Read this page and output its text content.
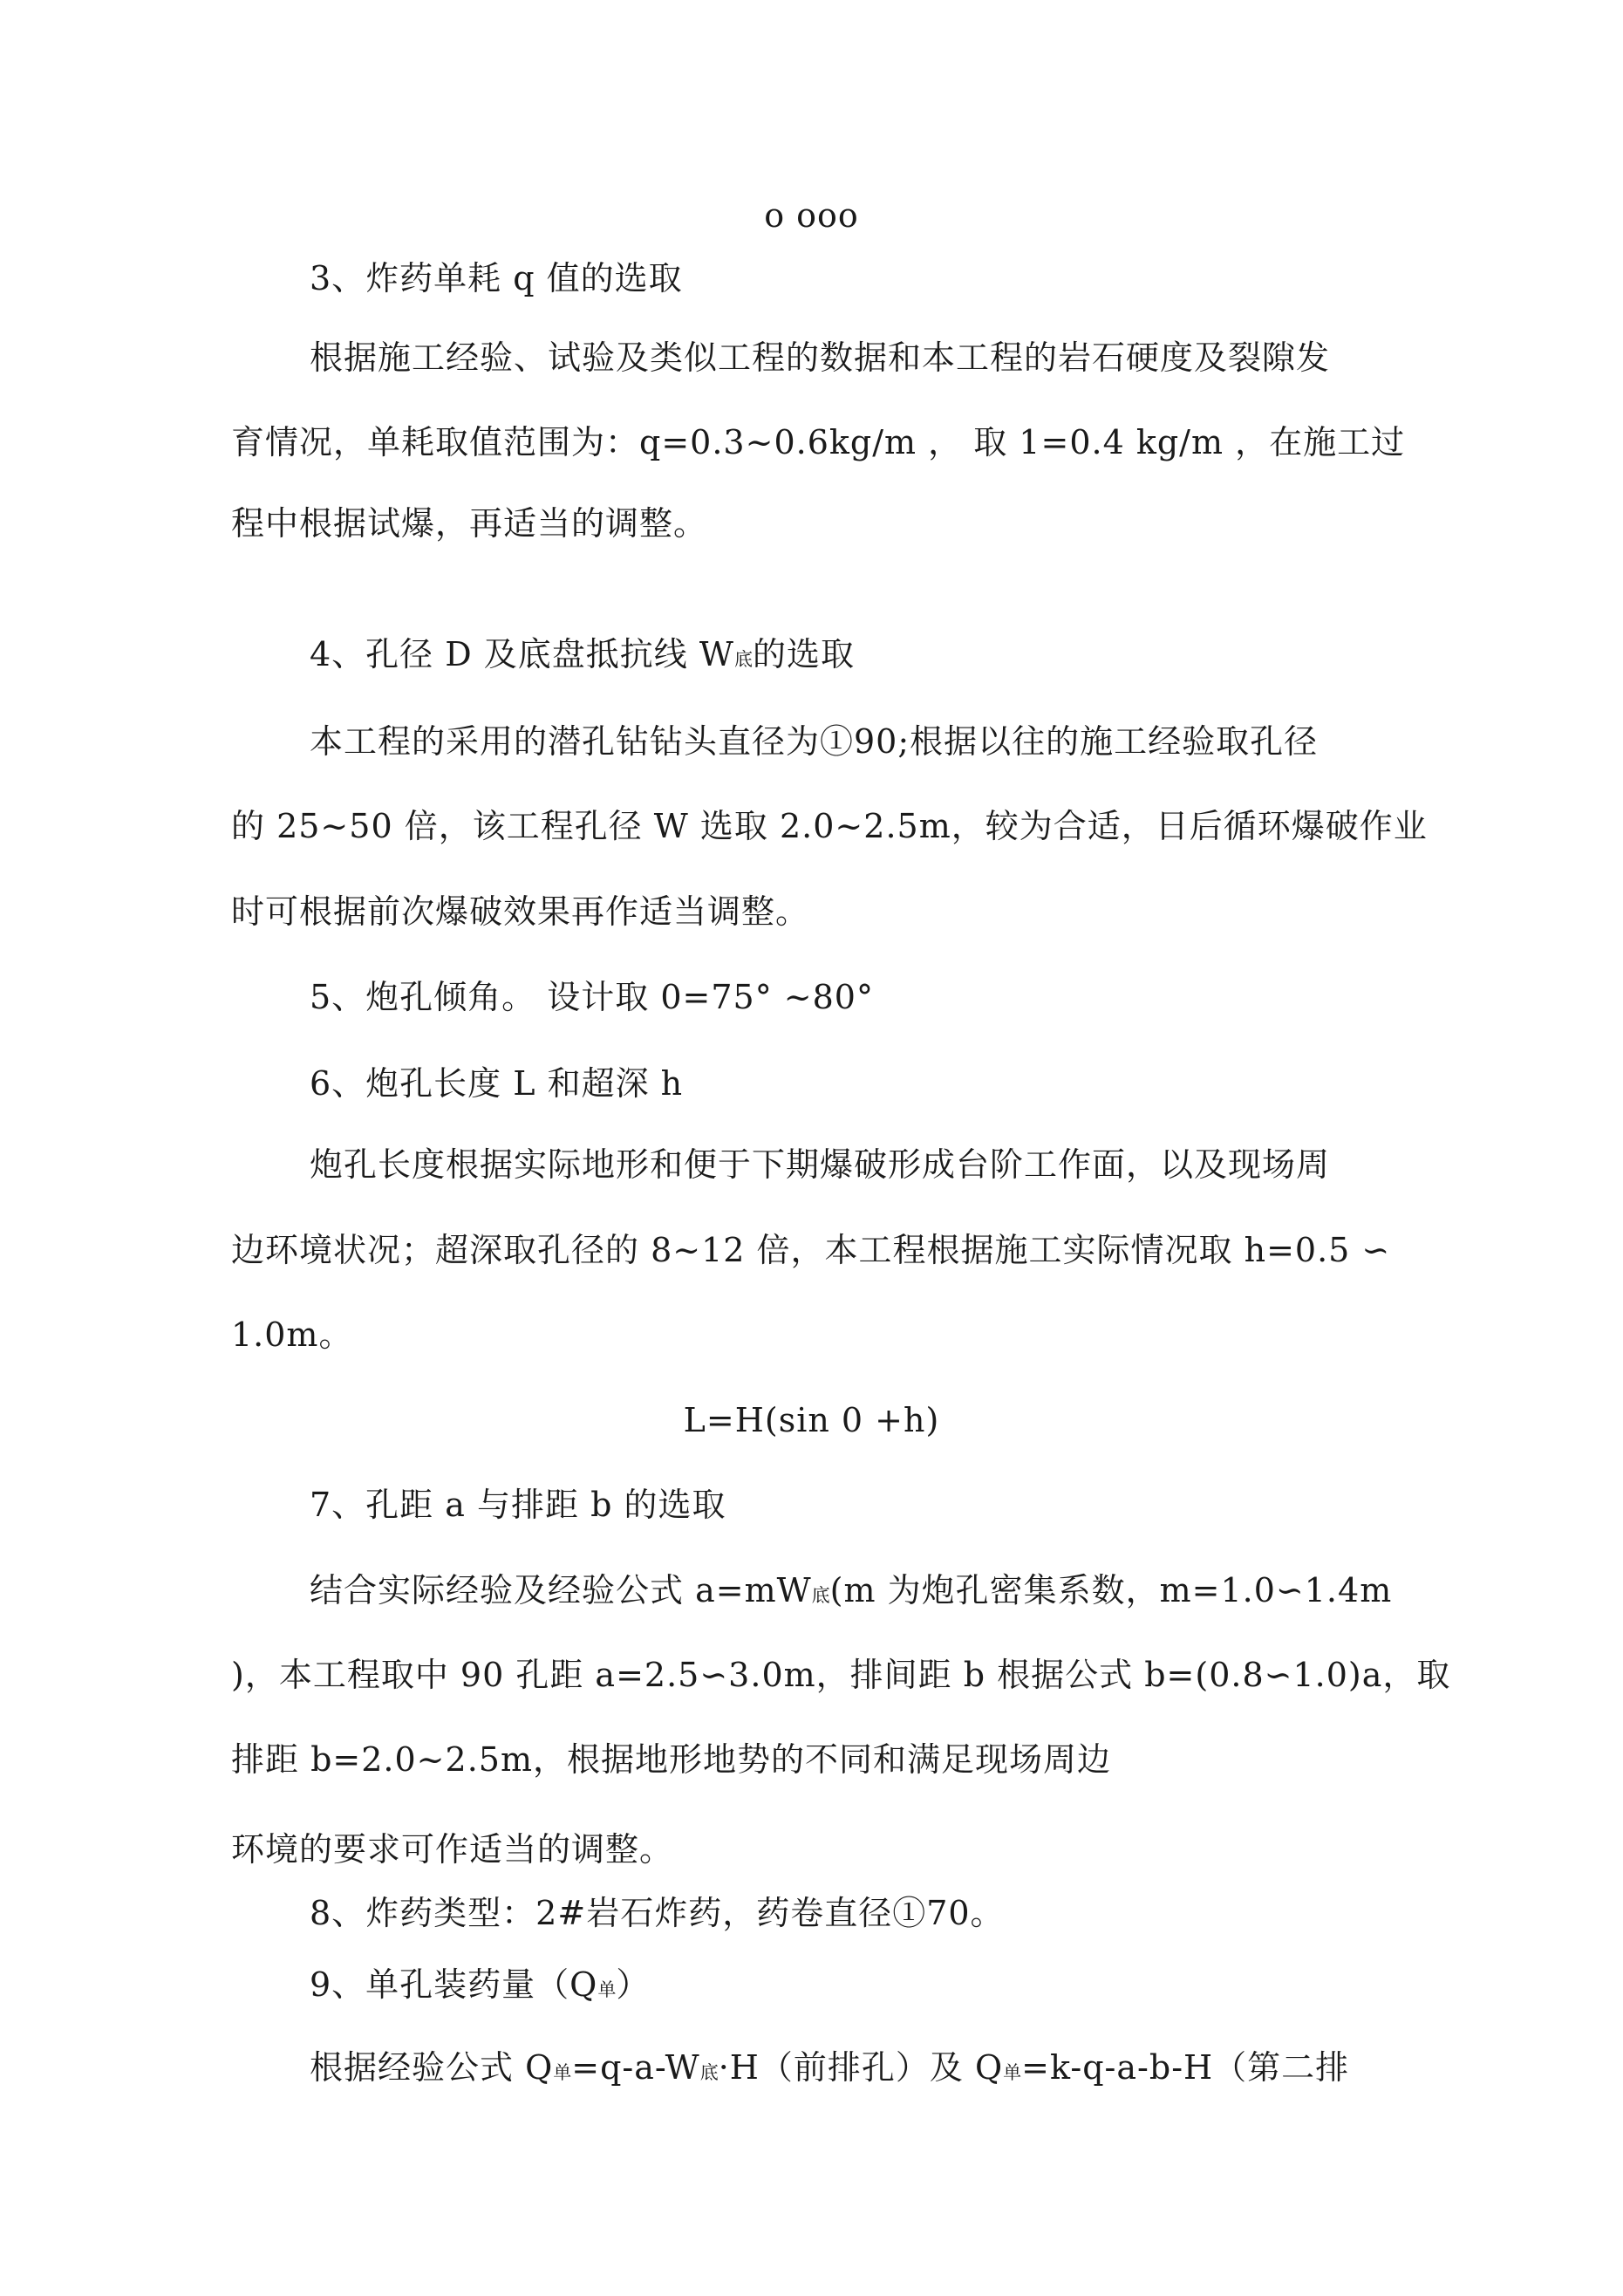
o ooo
3、炸药单耗 q 值的选取
根据施工经验、试验及类似工程的数据和本工程的岩石硬度及裂隙发
育情况，单耗取值范围为：q=0.3~0.6kg/m ， 取 1=0.4 kg/m ，在施工过
程中根据试爆，再适当的调整。
4、孔径 D 及底盘抵抗线 W底的选取
本工程的采用的潜孔钻钻头直径为①90;根据以往的施工经验取孔径
的 25~50 倍，该工程孔径 W 选取 2.0~2.5m，较为合适，日后循环爆破作业
时可根据前次爆破效果再作适当调整。
5、炮孔倾角。 设计取 0=75° ~80°
6、炮孔长度 L 和超深 h
炮孔长度根据实际地形和便于下期爆破形成台阶工作面，以及现场周
边环境状况；超深取孔径的 8~12 倍，本工程根据施工实际情况取 h=0.5 ∽
1.0m。
L=H(sin 0 +h)
7、孔距 a 与排距 b 的选取
结合实际经验及经验公式 a=mW底(m 为炮孔密集系数，m=1.0∽1.4m
)，本工程取中 90 孔距 a=2.5∽3.0m，排间距 b 根据公式 b=(0.8∽1.0)a，取
排距 b=2.0~2.5m，根据地形地势的不同和满足现场周边
环境的要求可作适当的调整。
8、炸药类型：2#岩石炸药，药卷直径①70。
9、单孔装药量（Q单）
根据经验公式 Q单=q-a-W底·H（前排孔）及 Q单=k-q-a-b-H（第二排
